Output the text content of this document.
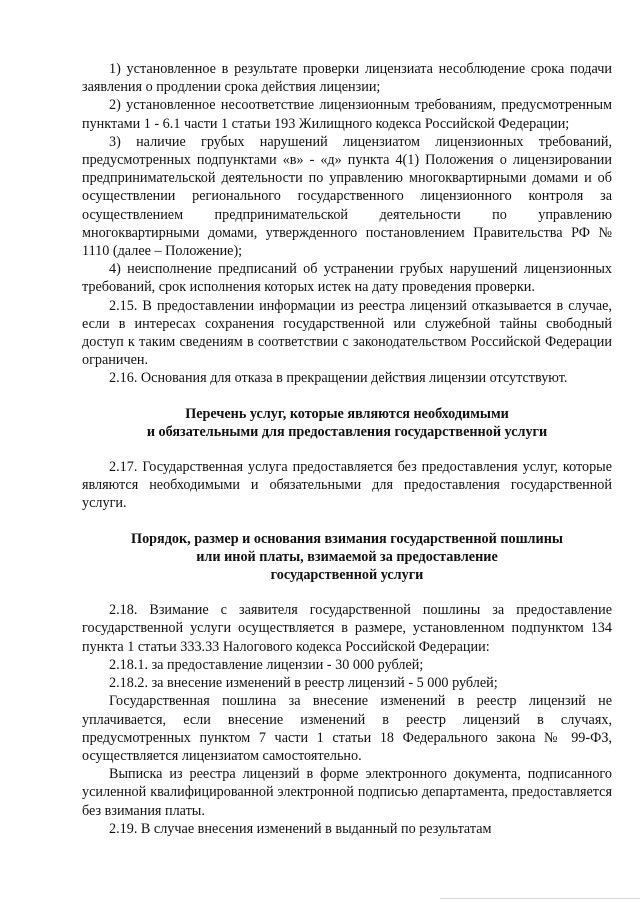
1) установленное в результате проверки лицензиата несоблюдение срока подачи заявления о продлении срока действия лицензии;

2) установленное несоответствие лицензионным требованиям, предусмотренным пунктами 1 - 6.1 части 1 статьи 193 Жилищного кодекса Российской Федерации;

3) наличие грубых нарушений лицензиатом лицензионных требований, предусмотренных подпунктами «в» - «д» пункта 4(1) Положения о лицензировании предпринимательской деятельности по управлению многоквартирными домами и об осуществлении регионального государственного лицензионного контроля за осуществлением предпринимательской деятельности по управлению многоквартирными домами, утвержденного постановлением Правительства РФ № 1110 (далее – Положение);

4) неисполнение предписаний об устранении грубых нарушений лицензионных требований, срок исполнения которых истек на дату проведения проверки.

2.15. В предоставлении информации из реестра лицензий отказывается в случае, если в интересах сохранения государственной или служебной тайны свободный доступ к таким сведениям в соответствии с законодательством Российской Федерации ограничен.

2.16. Основания для отказа в прекращении действия лицензии отсутствуют.

Перечень услуг, которые являются необходимыми
и обязательными для предоставления государственной услуги

2.17. Государственная услуга предоставляется без предоставления услуг, которые являются необходимыми и обязательными для предоставления государственной услуги.

Порядок, размер и основания взимания государственной пошлины
или иной платы, взимаемой за предоставление
государственной услуги

2.18. Взимание с заявителя государственной пошлины за предоставление государственной услуги осуществляется в размере, установленном подпунктом 134 пункта 1 статьи 333.33 Налогового кодекса Российской Федерации:

2.18.1. за предоставление лицензии - 30 000 рублей;

2.18.2. за внесение изменений в реестр лицензий - 5 000 рублей;

Государственная пошлина за внесение изменений в реестр лицензий не уплачивается, если внесение изменений в реестр лицензий в случаях, предусмотренных пунктом 7 части 1 статьи 18 Федерального закона № 99-ФЗ, осуществляется лицензиатом самостоятельно.

Выписка из реестра лицензий в форме электронного документа, подписанного усиленной квалифицированной электронной подписью департамента, предоставляется без взимания платы.

2.19. В случае внесения изменений в выданный по результатам
